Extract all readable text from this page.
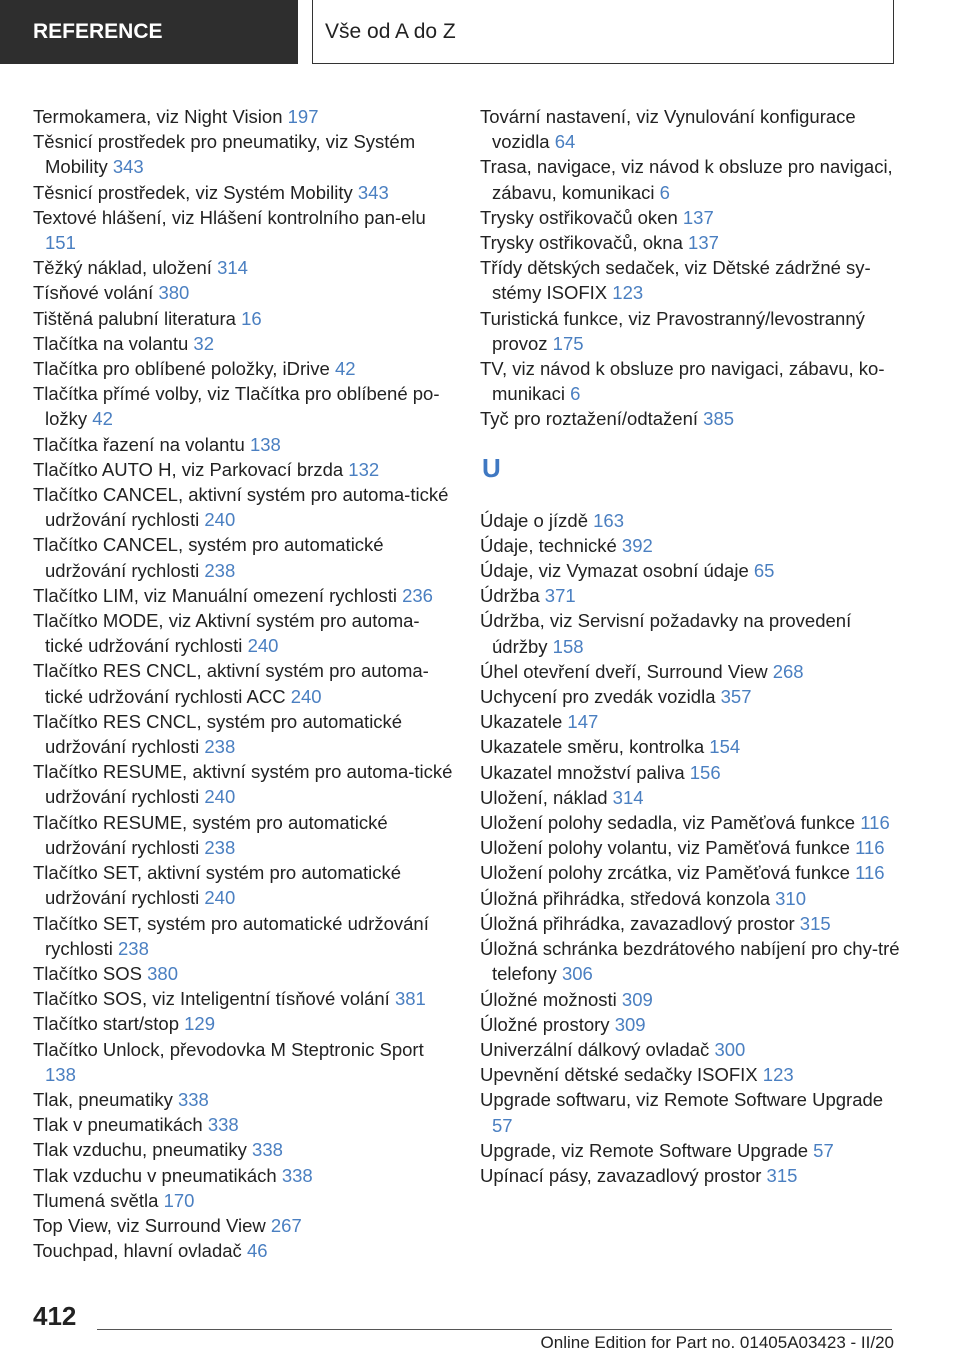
REFERENCE	Vše od A do Z
Termokamera, viz Night Vision 197
Těsnicí prostředek pro pneumatiky, viz Systém Mobility 343
Těsnicí prostředek, viz Systém Mobility 343
Textové hlášení, viz Hlášení kontrolního pan-elu 151
Těžký náklad, uložení 314
Tísňové volání 380
Tištěná palubní literatura 16
Tlačítka na volantu 32
Tlačítka pro oblíbené položky, iDrive 42
Tlačítka přímé volby, viz Tlačítka pro oblíbené po-ložky 42
Tlačítka řazení na volantu 138
Tlačítko AUTO H, viz Parkovací brzda 132
Tlačítko CANCEL, aktivní systém pro automa-tické udržování rychlosti 240
Tlačítko CANCEL, systém pro automatické udržování rychlosti 238
Tlačítko LIM, viz Manuální omezení rychlosti 236
Tlačítko MODE, viz Aktivní systém pro automa-tické udržování rychlosti 240
Tlačítko RES CNCL, aktivní systém pro automa-tické udržování rychlosti ACC 240
Tlačítko RES CNCL, systém pro automatické udržování rychlosti 238
Tlačítko RESUME, aktivní systém pro automa-tické udržování rychlosti 240
Tlačítko RESUME, systém pro automatické udržování rychlosti 238
Tlačítko SET, aktivní systém pro automatické udržování rychlosti 240
Tlačítko SET, systém pro automatické udržování rychlosti 238
Tlačítko SOS 380
Tlačítko SOS, viz Inteligentní tísňové volání 381
Tlačítko start/stop 129
Tlačítko Unlock, převodovka M Steptronic Sport 138
Tlak, pneumatiky 338
Tlak v pneumatikách 338
Tlak vzduchu, pneumatiky 338
Tlak vzduchu v pneumatikách 338
Tlumená světla 170
Top View, viz Surround View 267
Touchpad, hlavní ovladač 46
Tovární nastavení, viz Vynulování konfigurace vozidla 64
Trasa, navigace, viz návod k obsluze pro navigaci, zábavu, komunikaci 6
Trysky ostřikovačů oken 137
Trysky ostřikovačů, okna 137
Třídy dětských sedaček, viz Dětské zádržné sy-stémy ISOFIX 123
Turistická funkce, viz Pravostranný/levostranný provoz 175
TV, viz návod k obsluze pro navigaci, zábavu, ko-munikaci 6
Tyč pro roztažení/odtažení 385
U
Údaje o jízdě 163
Údaje, technické 392
Údaje, viz Vymazat osobní údaje 65
Údržba 371
Údržba, viz Servisní požadavky na provedení údržby 158
Úhel otevření dveří, Surround View 268
Uchycení pro zvedák vozidla 357
Ukazatele 147
Ukazatele směru, kontrolka 154
Ukazatel množství paliva 156
Uložení, náklad 314
Uložení polohy sedadla, viz Paměťová funkce 116
Uložení polohy volantu, viz Paměťová funkce 116
Uložení polohy zrcátka, viz Paměťová funkce 116
Úložná přihrádka, středová konzola 310
Úložná přihrádka, zavazadlový prostor 315
Úložná schránka bezdrátového nabíjení pro chy-tré telefony 306
Úložné možnosti 309
Úložné prostory 309
Univerzální dálkový ovladač 300
Upevnění dětské sedačky ISOFIX 123
Upgrade softwaru, viz Remote Software Upgrade 57
Upgrade, viz Remote Software Upgrade 57
Upínací pásy, zavazadlový prostor 315
412
Online Edition for Part no. 01405A03423 - II/20
